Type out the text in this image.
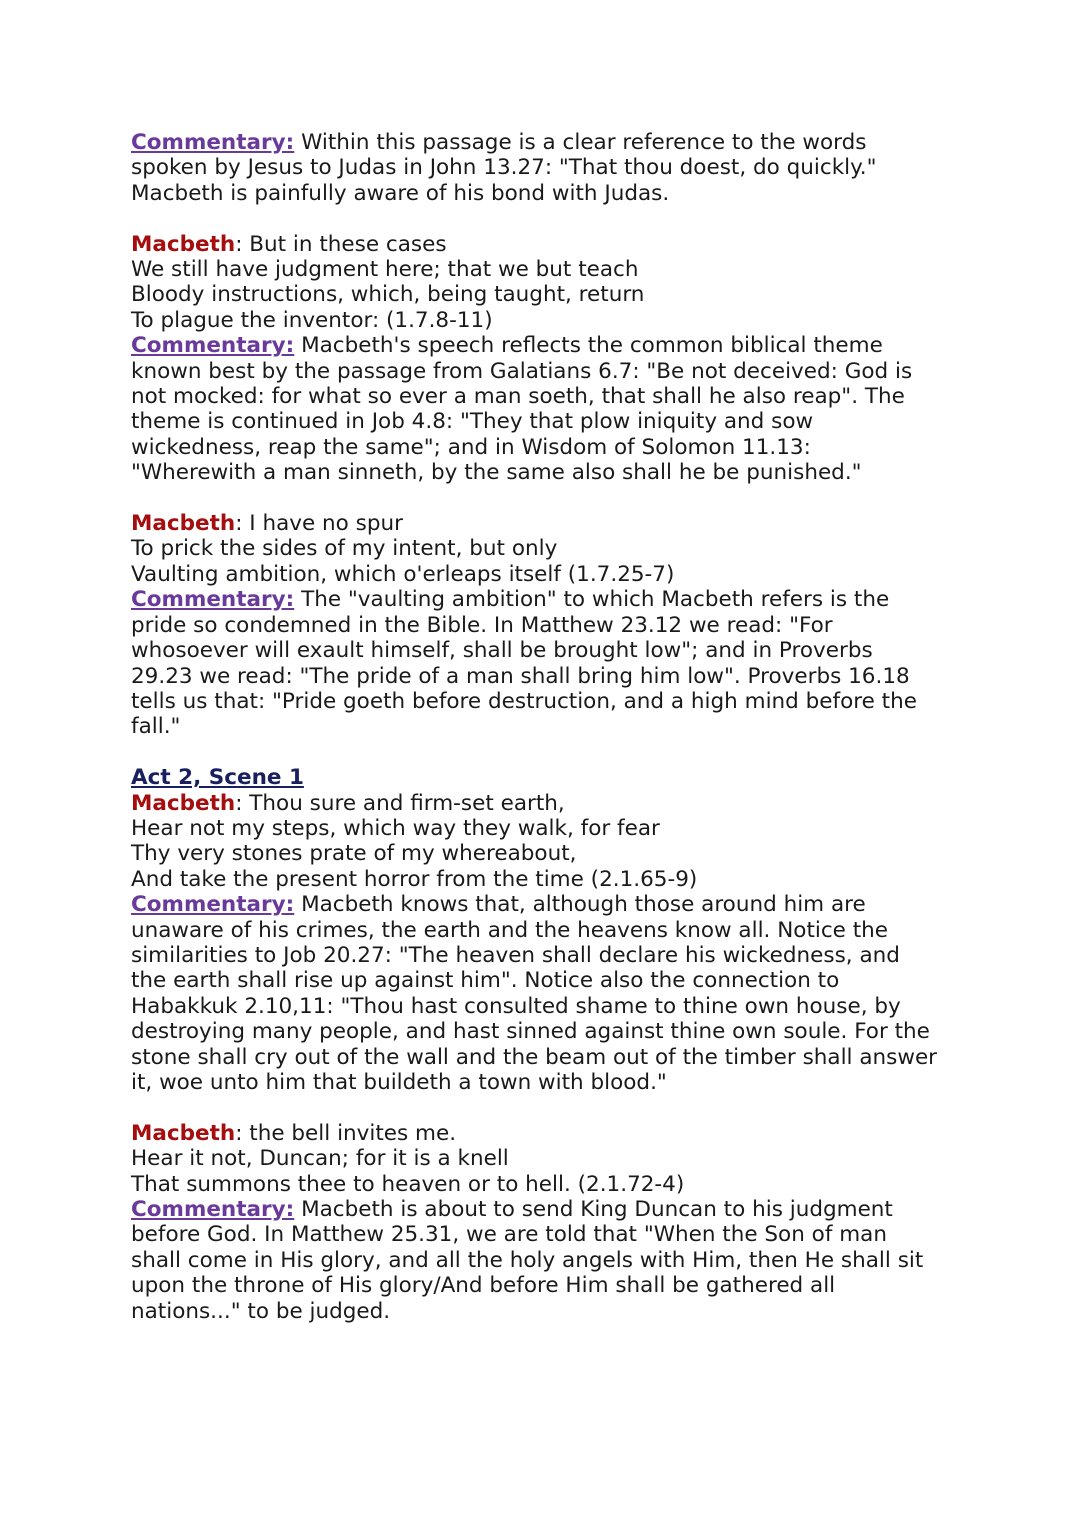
Commentary: Within this passage is a clear reference to the words
spoken by Jesus to Judas in John 13.27: "That thou doest, do quickly."
Macbeth is painfully aware of his bond with Judas.
Macbeth: But in these cases
We still have judgment here; that we but teach
Bloody instructions, which, being taught, return
To plague the inventor: (1.7.8-11)
Commentary: Macbeth's speech reflects the common biblical theme
known best by the passage from Galatians 6.7: "Be not deceived: God is
not mocked: for what so ever a man soeth, that shall he also reap". The
theme is continued in Job 4.8: "They that plow iniquity and sow
wickedness, reap the same"; and in Wisdom of Solomon 11.13:
"Wherewith a man sinneth, by the same also shall he be punished."
Macbeth: I have no spur
To prick the sides of my intent, but only
Vaulting ambition, which o'erleaps itself (1.7.25-7)
Commentary: The "vaulting ambition" to which Macbeth refers is the
pride so condemned in the Bible. In Matthew 23.12 we read: "For
whosoever will exault himself, shall be brought low"; and in Proverbs
29.23 we read: "The pride of a man shall bring him low". Proverbs 16.18
tells us that: "Pride goeth before destruction, and a high mind before the
fall."
Act 2, Scene 1
Macbeth: Thou sure and firm-set earth,
Hear not my steps, which way they walk, for fear
Thy very stones prate of my whereabout,
And take the present horror from the time (2.1.65-9)
Commentary: Macbeth knows that, although those around him are
unaware of his crimes, the earth and the heavens know all. Notice the
similarities to Job 20.27: "The heaven shall declare his wickedness, and
the earth shall rise up against him". Notice also the connection to
Habakkuk 2.10,11: "Thou hast consulted shame to thine own house, by
destroying many people, and hast sinned against thine own soule. For the
stone shall cry out of the wall and the beam out of the timber shall answer
it, woe unto him that buildeth a town with blood."
Macbeth: the bell invites me.
Hear it not, Duncan; for it is a knell
That summons thee to heaven or to hell. (2.1.72-4)
Commentary: Macbeth is about to send King Duncan to his judgment
before God. In Matthew 25.31, we are told that "When the Son of man
shall come in His glory, and all the holy angels with Him, then He shall sit
upon the throne of His glory/And before Him shall be gathered all
nations..." to be judged.
